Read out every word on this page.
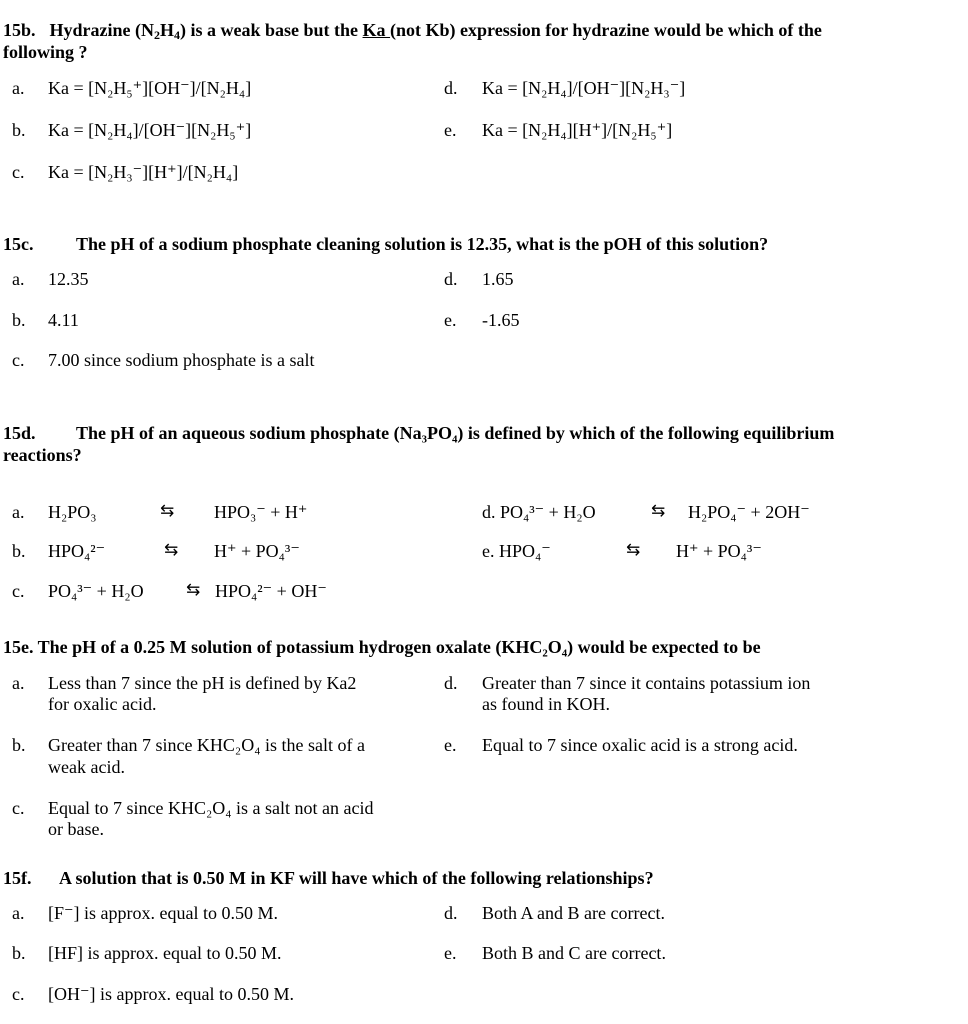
15b. Hydrazine $(N_2H_4)$ is a weak base but the Ka (not Kb) expression for hydrazine would be which of the
following ?
a. Ka = [N₂H₅⁺][OH⁻]/[N₂H₄]
b. Ka = [N₂H₄]/[OH⁻][N₂H₅⁺]
c. Ka = [N₂H₃⁻][H⁺]/[N₂H₄]
d. Ka = [N₂H₄]/[OH⁻][N₂H₃⁻]
e. Ka = [N₂H₄][H⁺]/[N₂H₅⁺]
15c. The pH of a sodium phosphate cleaning solution is 12.35, what is the pOH of this solution?
a. 12.35
b. 4.11
c. 7.00 since sodium phosphate is a salt
d. 1.65
e. -1.65
15d. The pH of an aqueous sodium phosphate (Na₃PO₄) is defined by which of the following equilibrium
reactions?
a. H₂PO₃	⇆ HPO₃⁻ + H⁺
b. HPO₄²⁻	⇆ H⁺ + PO₄³⁻
c. PO₄³⁻ + H₂O ⇆ HPO₄²⁻ + OH⁻
d. PO₄³⁻ + H₂O	⇆ H₂PO₄⁻ + 2OH⁻
e. HPO₄⁻	⇆ H⁺ + PO₄³⁻
15e. The pH of a 0.25 M solution of potassium hydrogen oxalate (KHC₂O₄) would be expected to be
a. Less than 7 since the pH is defined by Ka2
for oxalic acid.
b. Greater than 7 since KHC₂O₄ is the salt of a
weak acid.
c. Equal to 7 since KHC₂O₄ is a salt not an acid
or base.
d. Greater than 7 since it contains potassium ion
as found in KOH.
e. Equal to 7 since oxalic acid is a strong acid.
15f. A solution that is 0.50 M in KF will have which of the following relationships?
a. [F⁻] is approx. equal to 0.50 M.
b. [HF] is approx. equal to 0.50 M.
c. [OH⁻] is approx. equal to 0.50 M.
d. Both A and B are correct.
e. Both B and C are correct.
